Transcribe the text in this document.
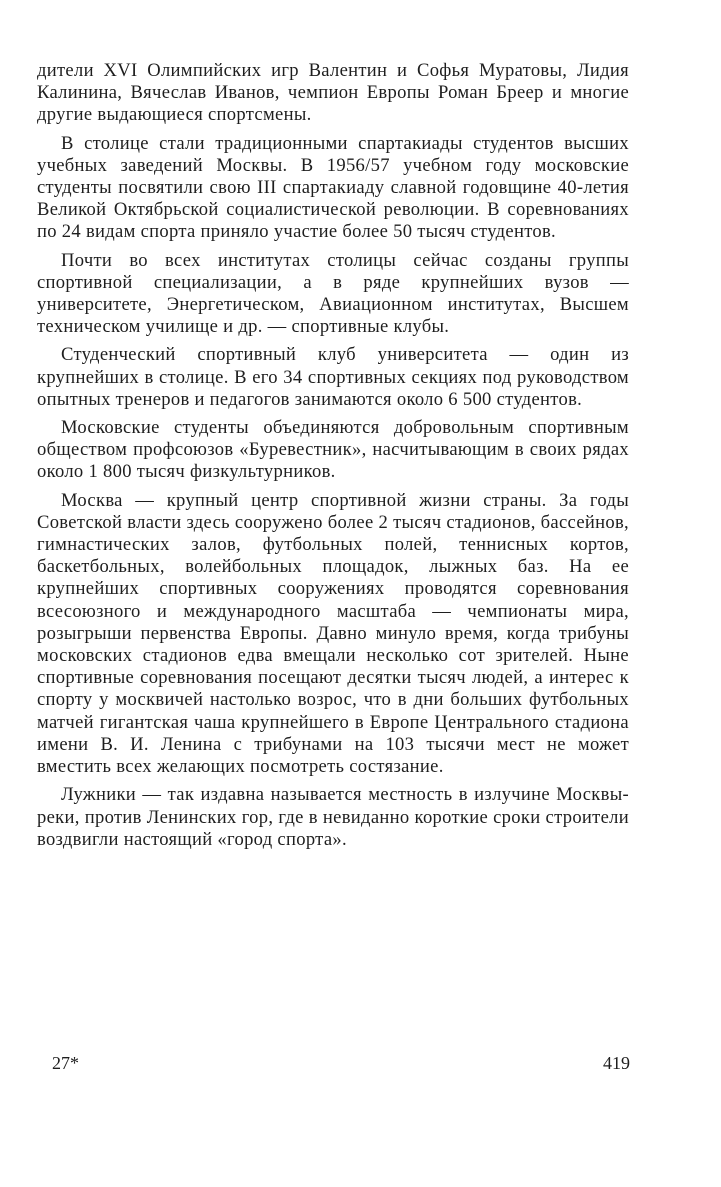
дители XVI Олимпийских игр Валентин и Софья Муратовы, Лидия Калинина, Вячеслав Иванов, чемпион Европы Роман Бреер и многие другие выдающиеся спортсмены.

В столице стали традиционными спартакиады студентов высших учебных заведений Москвы. В 1956/57 учебном году московские студенты посвятили свою III спартакиаду славной годовщине 40-летия Великой Октябрьской социалистической революции. В соревнованиях по 24 видам спорта приняло участие более 50 тысяч студентов.

Почти во всех институтах столицы сейчас созданы группы спортивной специализации, а в ряде крупнейших вузов — университете, Энергетическом, Авиационном институтах, Высшем техническом училище и др. — спортивные клубы.

Студенческий спортивный клуб университета — один из крупнейших в столице. В его 34 спортивных секциях под руководством опытных тренеров и педагогов занимаются около 6 500 студентов.

Московские студенты объединяются добровольным спортивным обществом профсоюзов «Буревестник», насчитывающим в своих рядах около 1 800 тысяч физкультурников.

Москва — крупный центр спортивной жизни страны. За годы Советской власти здесь сооружено более 2 тысяч стадионов, бассейнов, гимнастических залов, футбольных полей, теннисных кортов, баскетбольных, волейбольных площадок, лыжных баз. На ее крупнейших спортивных сооружениях проводятся соревнования всесоюзного и международного масштаба — чемпионаты мира, розыгрыши первенства Европы. Давно минуло время, когда трибуны московских стадионов едва вмещали несколько сот зрителей. Ныне спортивные соревнования посещают десятки тысяч людей, а интерес к спорту у москвичей настолько возрос, что в дни больших футбольных матчей гигантская чаша крупнейшего в Европе Центрального стадиона имени В. И. Ленина с трибунами на 103 тысячи мест не может вместить всех желающих посмотреть состязание.

Лужники — так издавна называется местность в излучине Москвы-реки, против Ленинских гор, где в невиданно короткие сроки строители воздвигли настоящий «город спорта».

27*	419
